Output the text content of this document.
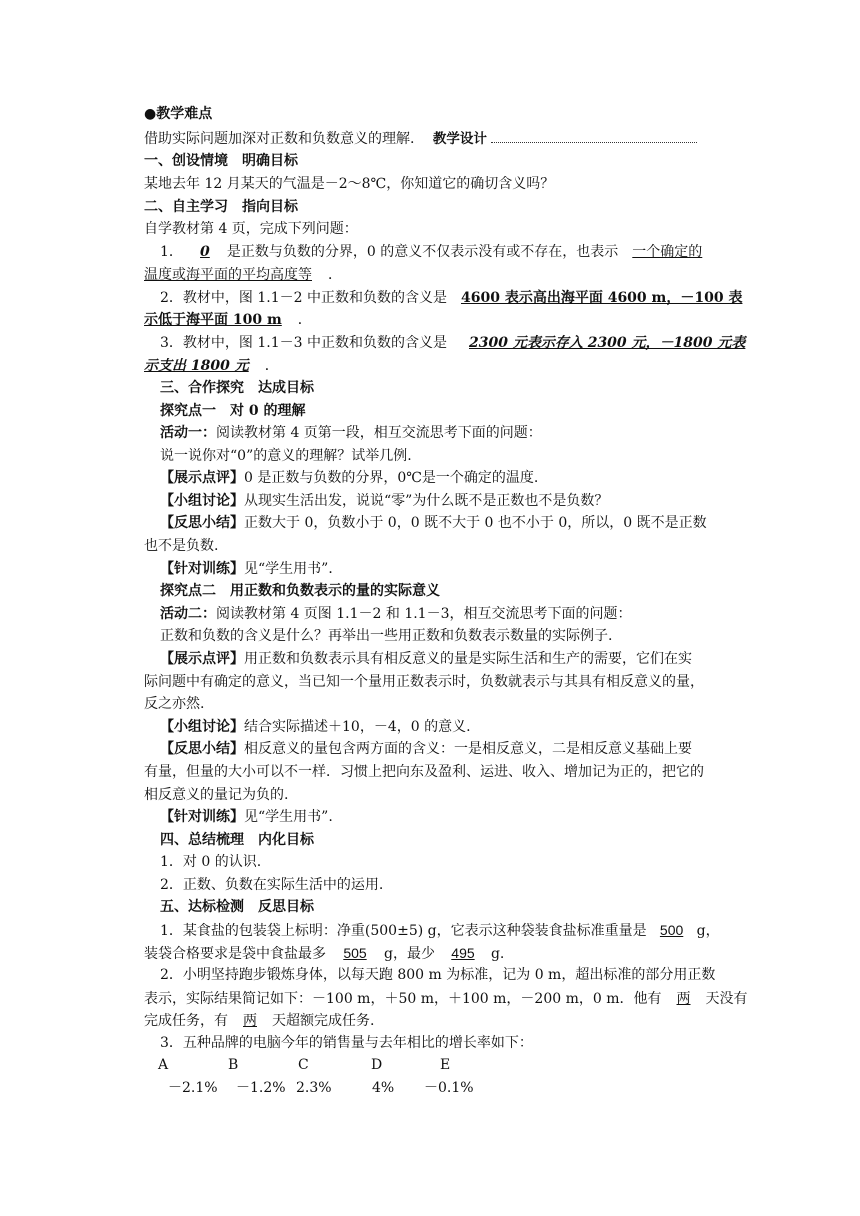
●教学难点
借助实际问题加深对正数和负数意义的理解. 教学设计
一、创设情境　明确目标
某地去年 12 月某天的气温是－2～8℃，你知道它的确切含义吗？
二、自主学习　指向目标
自学教材第 4 页，完成下列问题：
1． 0 是正数与负数的分界，0 的意义不仅表示没有或不存在，也表示 一个确定的
温度或海平面的平均高度等 ．
2．教材中，图 1.1－2 中正数和负数的含义是 4600 表示高出海平面 4600 m，－100 表
示低于海平面 100 m ．
3．教材中，图 1.1－3 中正数和负数的含义是 2300 元表示存入 2300 元，－1800 元表
示支出 1800 元 ．
三、合作探究　达成目标
探究点一　对 0 的理解
活动一：阅读教材第 4 页第一段，相互交流思考下面的问题：
说一说你对“0”的意义的理解？试举几例.
【展示点评】0 是正数与负数的分界，0℃是一个确定的温度.
【小组讨论】从现实生活出发，说说“零”为什么既不是正数也不是负数？
【反思小结】正数大于 0，负数小于 0，0 既不大于 0 也不小于 0，所以，0 既不是正数
也不是负数.
【针对训练】见“学生用书”．
探究点二　用正数和负数表示的量的实际意义
活动二：阅读教材第 4 页图 1.1－2 和 1.1－3，相互交流思考下面的问题：
正数和负数的含义是什么？再举出一些用正数和负数表示数量的实际例子.
【展示点评】用正数和负数表示具有相反意义的量是实际生活和生产的需要，它们在实
际问题中有确定的意义，当已知一个量用正数表示时，负数就表示与其具有相反意义的量，
反之亦然.
【小组讨论】结合实际描述＋10，－4，0 的意义.
【反思小结】相反意义的量包含两方面的含义：一是相反意义，二是相反意义基础上要
有量，但量的大小可以不一样．习惯上把向东及盈利、运进、收入、增加记为正的，把它的
相反意义的量记为负的.
【针对训练】见“学生用书”.
四、总结梳理　内化目标
1．对 0 的认识.
2．正数、负数在实际生活中的运用.
五、达标检测　反思目标
1．某食盐的包装袋上标明：净重(500±5) g，它表示这种袋装食盐标准重量是 500 g，
装袋合格要求是袋中食盐最多 505 g，最少 495 g.
2．小明坚持跑步锻炼身体，以每天跑 800 m 为标准，记为 0 m，超出标准的部分用正数
表示，实际结果简记如下：－100 m，＋50 m，＋100 m，－200 m，0 m．他有 两 天没有
完成任务，有 两 天超额完成任务.
3．五种品牌的电脑今年的销售量与去年相比的增长率如下：
A	B	C	D	E
－2.1% －1.2% 2.3%	4% －0.1%
